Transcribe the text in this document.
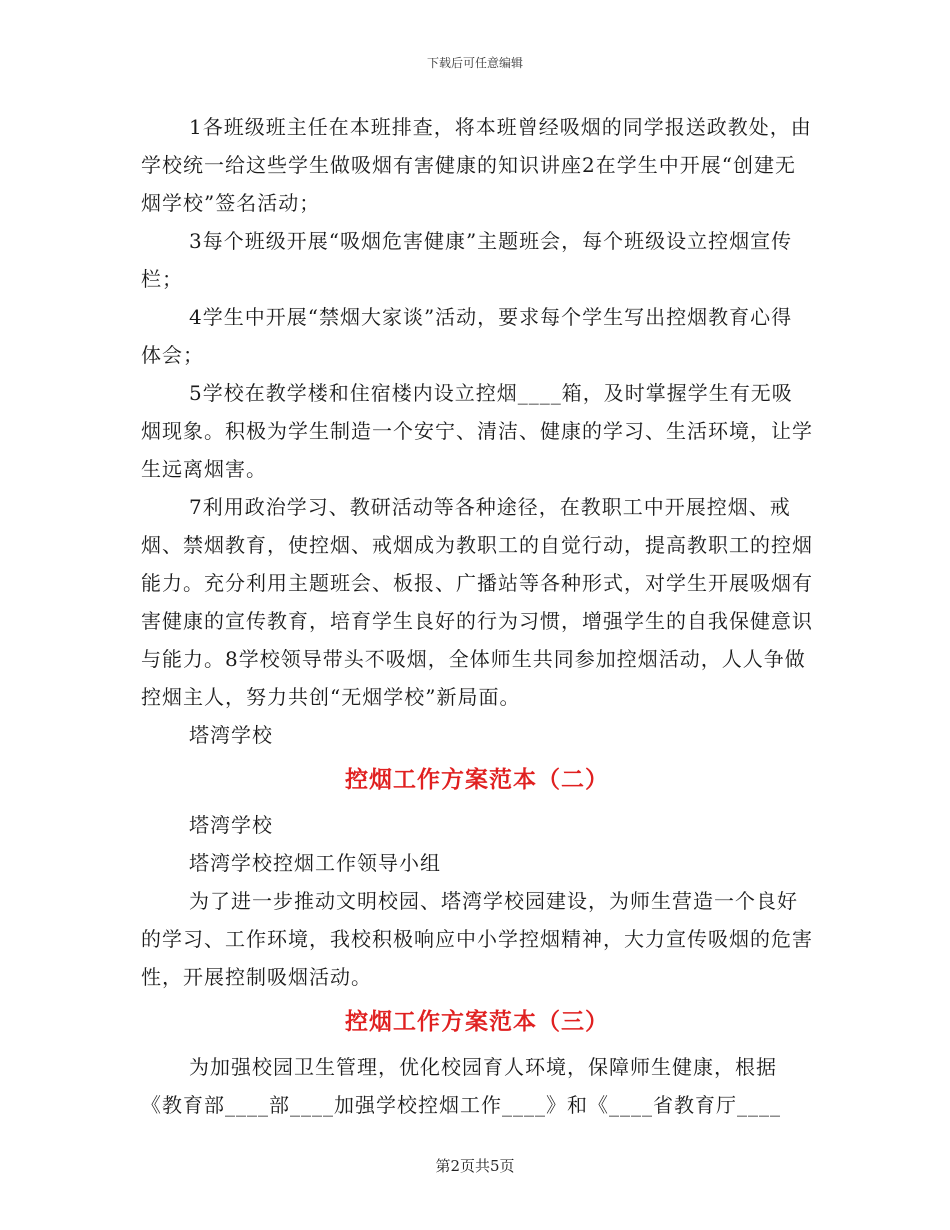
下载后可任意编辑

1各班级班主任在本班排查，将本班曾经吸烟的同学报送政教处，由学校统一给这些学生做吸烟有害健康的知识讲座2在学生中开展“创建无烟学校”签名活动；

3每个班级开展“吸烟危害健康”主题班会，每个班级设立控烟宣传栏；

4学生中开展“禁烟大家谈”活动，要求每个学生写出控烟教育心得体会；

5学校在教学楼和住宿楼内设立控烟____箱，及时掌握学生有无吸烟现象。积极为学生制造一个安宁、清洁、健康的学习、生活环境，让学生远离烟害。

7利用政治学习、教研活动等各种途径，在教职工中开展控烟、戒烟、禁烟教育，使控烟、戒烟成为教职工的自觉行动，提高教职工的控烟能力。充分利用主题班会、板报、广播站等各种形式，对学生开展吸烟有害健康的宣传教育，培育学生良好的行为习惯，增强学生的自我保健意识与能力。8学校领导带头不吸烟，全体师生共同参加控烟活动，人人争做控烟主人，努力共创“无烟学校”新局面。

塔湾学校

控烟工作方案范本（二）

塔湾学校

塔湾学校控烟工作领导小组

为了进一步推动文明校园、塔湾学校园建设，为师生营造一个良好的学习、工作环境，我校积极响应中小学控烟精神，大力宣传吸烟的危害性，开展控制吸烟活动。

控烟工作方案范本（三）

为加强校园卫生管理，优化校园育人环境，保障师生健康，根据《教育部____部____加强学校控烟工作____》和《____省教育厅____

第2页共5页
